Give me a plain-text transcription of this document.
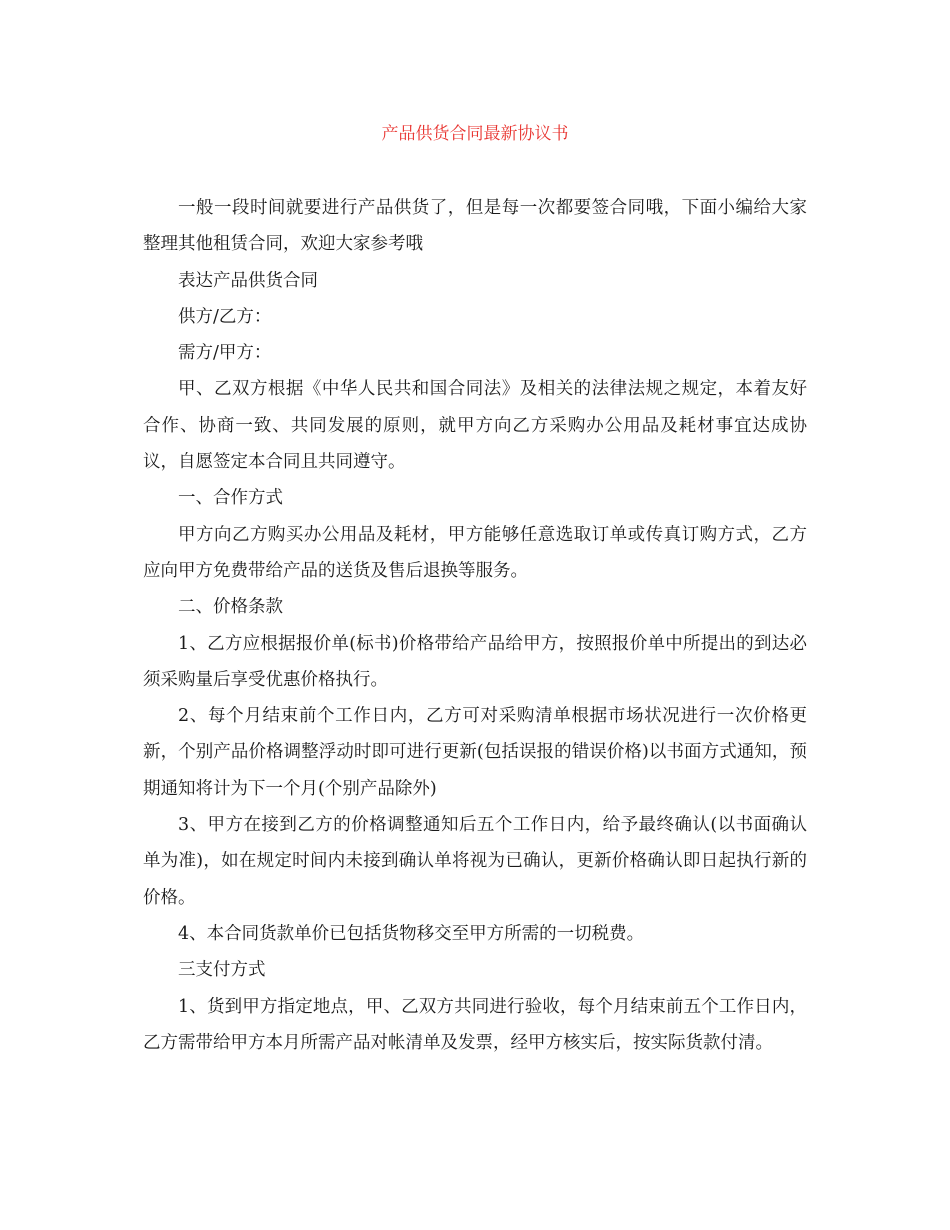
产品供货合同最新协议书

一般一段时间就要进行产品供货了，但是每一次都要签合同哦，下面小编给大家整理其他租赁合同，欢迎大家参考哦

表达产品供货合同

供方/乙方：

需方/甲方：

甲、乙双方根据《中华人民共和国合同法》及相关的法律法规之规定，本着友好合作、协商一致、共同发展的原则，就甲方向乙方采购办公用品及耗材事宜达成协议，自愿签定本合同且共同遵守。

一、合作方式

甲方向乙方购买办公用品及耗材，甲方能够任意选取订单或传真订购方式，乙方应向甲方免费带给产品的送货及售后退换等服务。

二、价格条款

1、乙方应根据报价单(标书)价格带给产品给甲方，按照报价单中所提出的到达必须采购量后享受优惠价格执行。

2、每个月结束前个工作日内，乙方可对采购清单根据市场状况进行一次价格更新，个别产品价格调整浮动时即可进行更新(包括误报的错误价格)以书面方式通知，预期通知将计为下一个月(个别产品除外)

3、甲方在接到乙方的价格调整通知后五个工作日内，给予最终确认(以书面确认单为准)，如在规定时间内未接到确认单将视为已确认，更新价格确认即日起执行新的价格。

4、本合同货款单价已包括货物移交至甲方所需的一切税费。

三支付方式

1、货到甲方指定地点，甲、乙双方共同进行验收，每个月结束前五个工作日内，乙方需带给甲方本月所需产品对帐清单及发票，经甲方核实后，按实际货款付清。
